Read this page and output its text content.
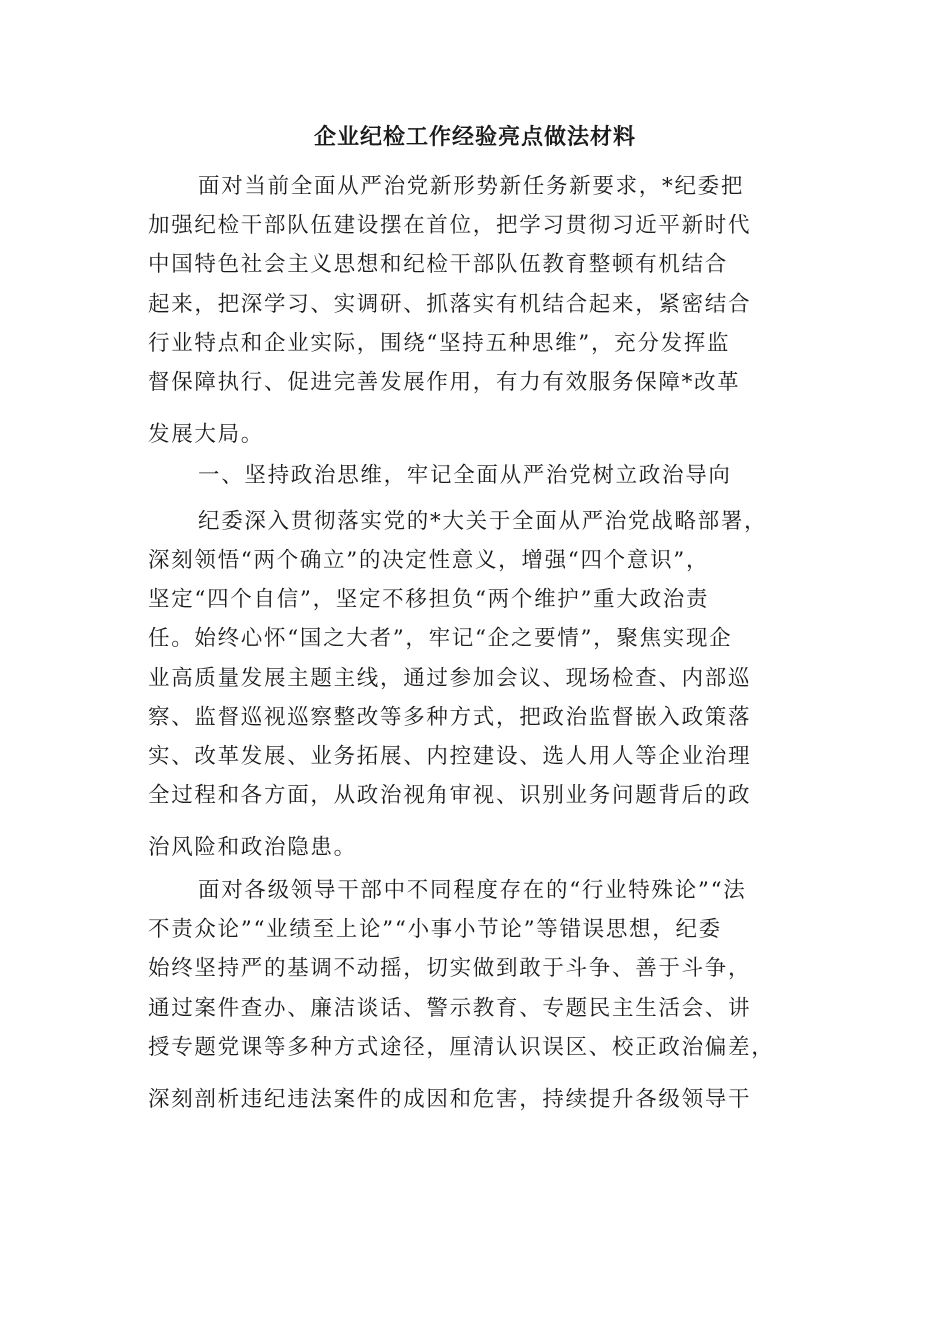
企业纪检工作经验亮点做法材料
面对当前全面从严治党新形势新任务新要求，*纪委把
加强纪检干部队伍建设摆在首位，把学习贯彻习近平新时代
中国特色社会主义思想和纪检干部队伍教育整顿有机结合
起来，把深学习、实调研、抓落实有机结合起来，紧密结合
行业特点和企业实际，围绕“坚持五种思维”，充分发挥监
督保障执行、促进完善发展作用，有力有效服务保障*改革
发展大局。
一、坚持政治思维，牢记全面从严治党树立政治导向
纪委深入贯彻落实党的*大关于全面从严治党战略部署，
深刻领悟“两个确立”的决定性意义，增强“四个意识”，
坚定“四个自信”，坚定不移担负“两个维护”重大政治责
任。始终心怀“国之大者”，牢记“企之要情”，聚焦实现企
业高质量发展主题主线，通过参加会议、现场检查、内部巡
察、监督巡视巡察整改等多种方式，把政治监督嵌入政策落
实、改革发展、业务拓展、内控建设、选人用人等企业治理
全过程和各方面，从政治视角审视、识别业务问题背后的政
治风险和政治隐患。
面对各级领导干部中不同程度存在的“行业特殊论”“法
不责众论”“业绩至上论”“小事小节论”等错误思想，纪委
始终坚持严的基调不动摇，切实做到敢于斗争、善于斗争，
通过案件查办、廉洁谈话、警示教育、专题民主生活会、讲
授专题党课等多种方式途径，厘清认识误区、校正政治偏差，
深刻剖析违纪违法案件的成因和危害，持续提升各级领导干
